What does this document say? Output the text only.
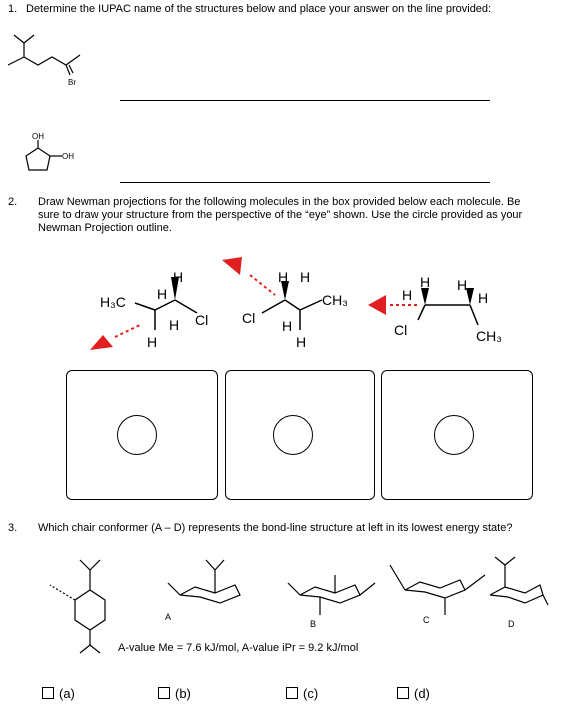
1. Determine the IUPAC name of the structures below and place your answer on the line provided:
Br
OH
OH
2. Draw Newman projections for the following molecules in the box provided below each molecule. Be
sure to draw your structure from the perspective of the “eye” shown. Use the circle provided as your
Newman Projection outline.
H₃C H
H
Cl
H
H
H H
Cl
CH₃
H
H
H
H H
H
Cl	CH₃
3. Which chair conformer (A – D) represents the bond-line structure at left in its lowest energy state?
A
B	C	D
A-value Me = 7.6 kJ/mol, A-value iPr = 9.2 kJ/mol
(a)	(b)	(c)	(d)
